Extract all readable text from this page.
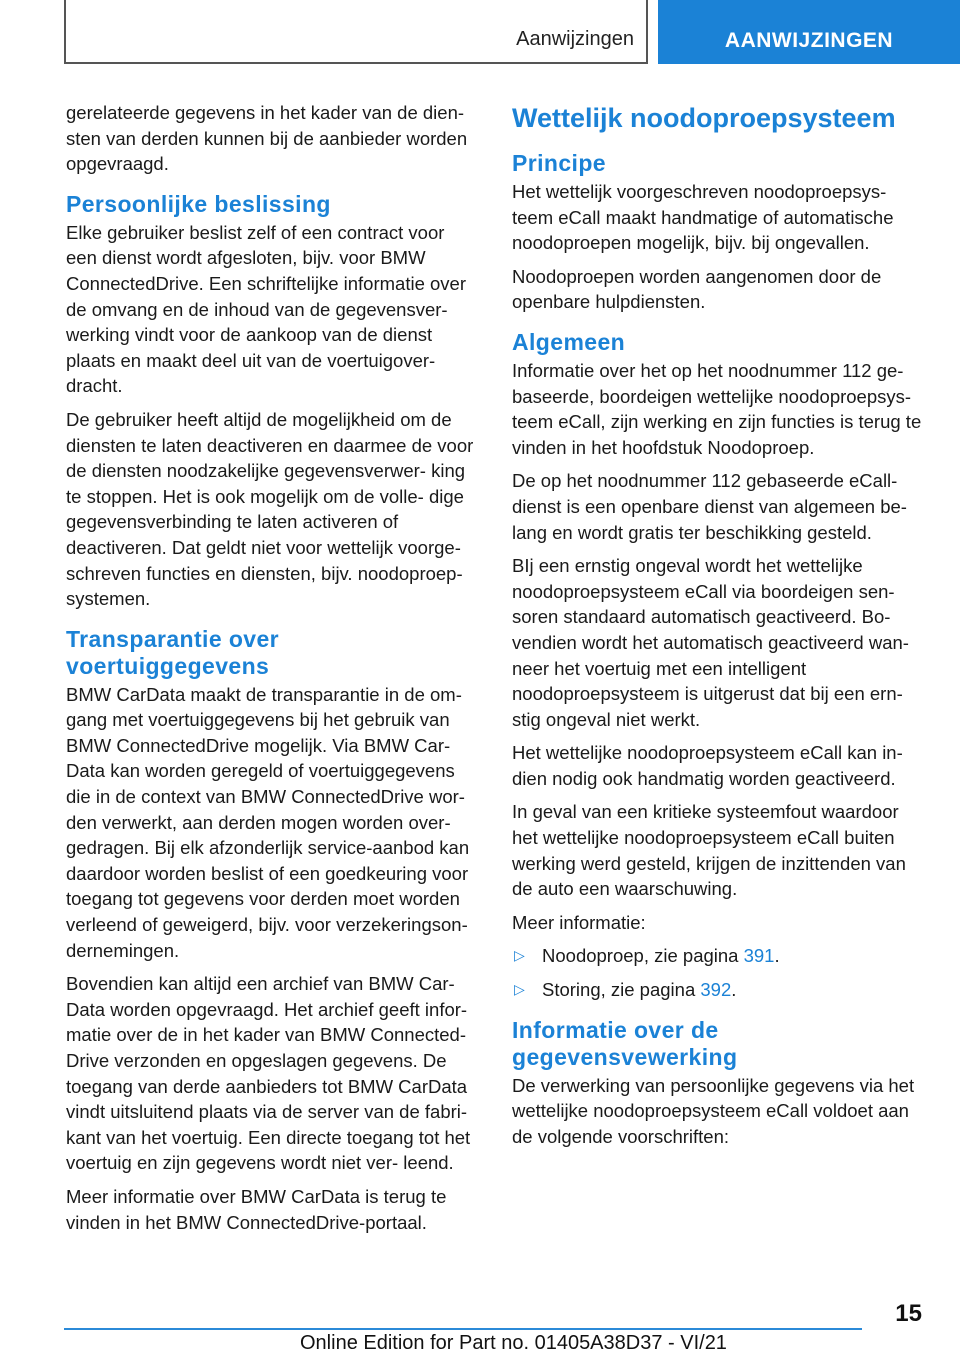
Aanwijzingen	AANWIJZINGEN

gerelateerde gegevens in het kader van de dien- sten van derden kunnen bij de aanbieder worden opgevraagd.

Persoonlijke beslissing

Elke gebruiker beslist zelf of een contract voor een dienst wordt afgesloten, bijv. voor BMW ConnectedDrive. Een schriftelijke informatie over de omvang en de inhoud van de gegevensver- werking vindt voor de aankoop van de dienst plaats en maakt deel uit van de voertuigover- dracht.

De gebruiker heeft altijd de mogelijkheid om de diensten te laten deactiveren en daarmee de voor de diensten noodzakelijke gegevensverwer- king te stoppen. Het is ook mogelijk om de volle- dige gegevensverbinding te laten activeren of deactiveren. Dat geldt niet voor wettelijk voorge- schreven functies en diensten, bijv. noodoproep- systemen.

Transparantie over voertuiggegevens

BMW CarData maakt de transparantie in de om- gang met voertuiggegevens bij het gebruik van BMW ConnectedDrive mogelijk. Via BMW Car- Data kan worden geregeld of voertuiggegevens die in de context van BMW ConnectedDrive wor- den verwerkt, aan derden mogen worden over- gedragen. Bij elk afzonderlijk service-aanbod kan daardoor worden beslist of een goedkeuring voor toegang tot gegevens voor derden moet worden verleend of geweigerd, bijv. voor verzekeringson- dernemingen.

Bovendien kan altijd een archief van BMW Car- Data worden opgevraagd. Het archief geeft infor- matie over de in het kader van BMW Connected- Drive verzonden en opgeslagen gegevens. De toegang van derde aanbieders tot BMW CarData vindt uitsluitend plaats via de server van de fabri- kant van het voertuig. Een directe toegang tot het voertuig en zijn gegevens wordt niet ver- leend.

Meer informatie over BMW CarData is terug te vinden in het BMW ConnectedDrive-portaal.

Wettelijk noodoproepsysteem
Principe

Het wettelijk voorgeschreven noodoproepsys- teem eCall maakt handmatige of automatische noodoproepen mogelijk, bijv. bij ongevallen.

Noodoproepen worden aangenomen door de openbare hulpdiensten.

Algemeen

Informatie over het op het noodnummer 112 ge- baseerde, boordeigen wettelijke noodoproepsys- teem eCall, zijn werking en zijn functies is terug te vinden in het hoofdstuk Noodoproep.

De op het noodnummer 112 gebaseerde eCall- dienst is een openbare dienst van algemeen be- lang en wordt gratis ter beschikking gesteld.

BIj een ernstig ongeval wordt het wettelijke noodoproepsysteem eCall via boordeigen sen- soren standaard automatisch geactiveerd. Bo- vendien wordt het automatisch geactiveerd wan- neer het voertuig met een intelligent noodoproepsysteem is uitgerust dat bij een ern- stig ongeval niet werkt.

Het wettelijke noodoproepsysteem eCall kan in- dien nodig ook handmatig worden geactiveerd.

In geval van een kritieke systeemfout waardoor het wettelijke noodoproepsysteem eCall buiten werking werd gesteld, krijgen de inzittenden van de auto een waarschuwing.

Meer informatie:

▷ Noodoproep, zie pagina 391.
▷ Storing, zie pagina 392.
Informatie over de gegevensvewerking

De verwerking van persoonlijke gegevens via het wettelijke noodoproepsysteem eCall voldoet aan de volgende voorschriften:

15
Online Edition for Part no. 01405A38D37 - VI/21
